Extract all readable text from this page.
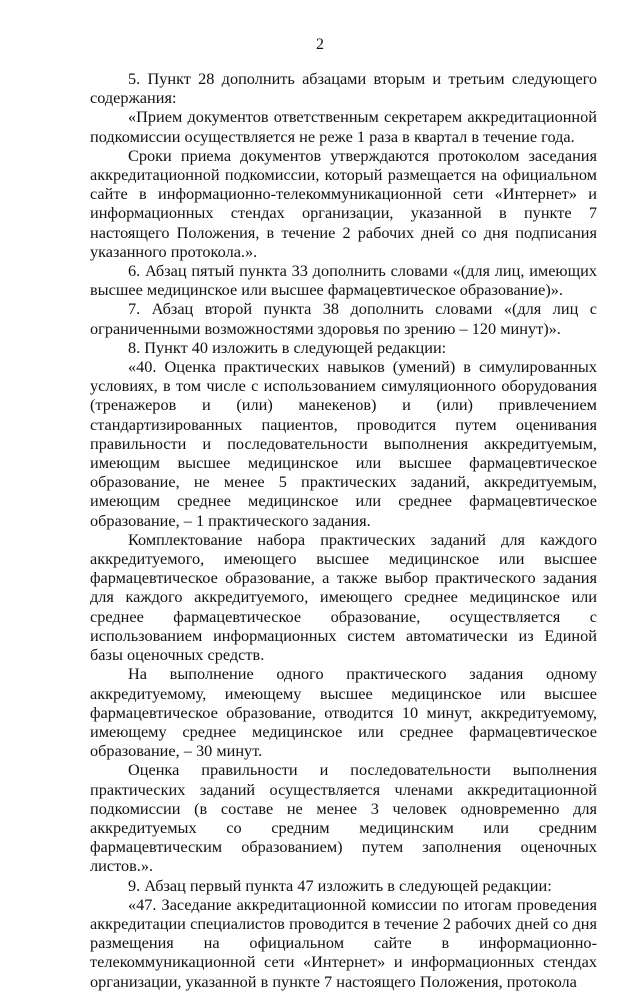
2

5. Пункт 28 дополнить абзацами вторым и третьим следующего содержания:

«Прием документов ответственным секретарем аккредитационной подкомиссии осуществляется не реже 1 раза в квартал в течение года.

Сроки приема документов утверждаются протоколом заседания аккредитационной подкомиссии, который размещается на официальном сайте в информационно-телекоммуникационной сети «Интернет» и информационных стендах организации, указанной в пункте 7 настоящего Положения, в течение 2 рабочих дней со дня подписания указанного протокола.».

6. Абзац пятый пункта 33 дополнить словами «(для лиц, имеющих высшее медицинское или высшее фармацевтическое образование)».

7. Абзац второй пункта 38 дополнить словами «(для лиц с ограниченными возможностями здоровья по зрению – 120 минут)».

8. Пункт 40 изложить в следующей редакции:

«40. Оценка практических навыков (умений) в симулированных условиях, в том числе с использованием симуляционного оборудования (тренажеров и (или) манекенов) и (или) привлечением стандартизированных пациентов, проводится путем оценивания правильности и последовательности выполнения аккредитуемым, имеющим высшее медицинское или высшее фармацевтическое образование, не менее 5 практических заданий, аккредитуемым, имеющим среднее медицинское или среднее фармацевтическое образование, – 1 практического задания.

Комплектование набора практических заданий для каждого аккредитуемого, имеющего высшее медицинское или высшее фармацевтическое образование, а также выбор практического задания для каждого аккредитуемого, имеющего среднее медицинское или среднее фармацевтическое образование, осуществляется с использованием информационных систем автоматически из Единой базы оценочных средств.

На выполнение одного практического задания одному аккредитуемому, имеющему высшее медицинское или высшее фармацевтическое образование, отводится 10 минут, аккредитуемому, имеющему среднее медицинское или среднее фармацевтическое образование, – 30 минут.

Оценка правильности и последовательности выполнения практических заданий осуществляется членами аккредитационной подкомиссии (в составе не менее 3 человек одновременно для аккредитуемых со средним медицинским или средним фармацевтическим образованием) путем заполнения оценочных листов.».

9. Абзац первый пункта 47 изложить в следующей редакции:

«47. Заседание аккредитационной комиссии по итогам проведения аккредитации специалистов проводится в течение 2 рабочих дней со дня размещения на официальном сайте в информационно-телекоммуникационной сети «Интернет» и информационных стендах организации, указанной в пункте 7 настоящего Положения, протокола
